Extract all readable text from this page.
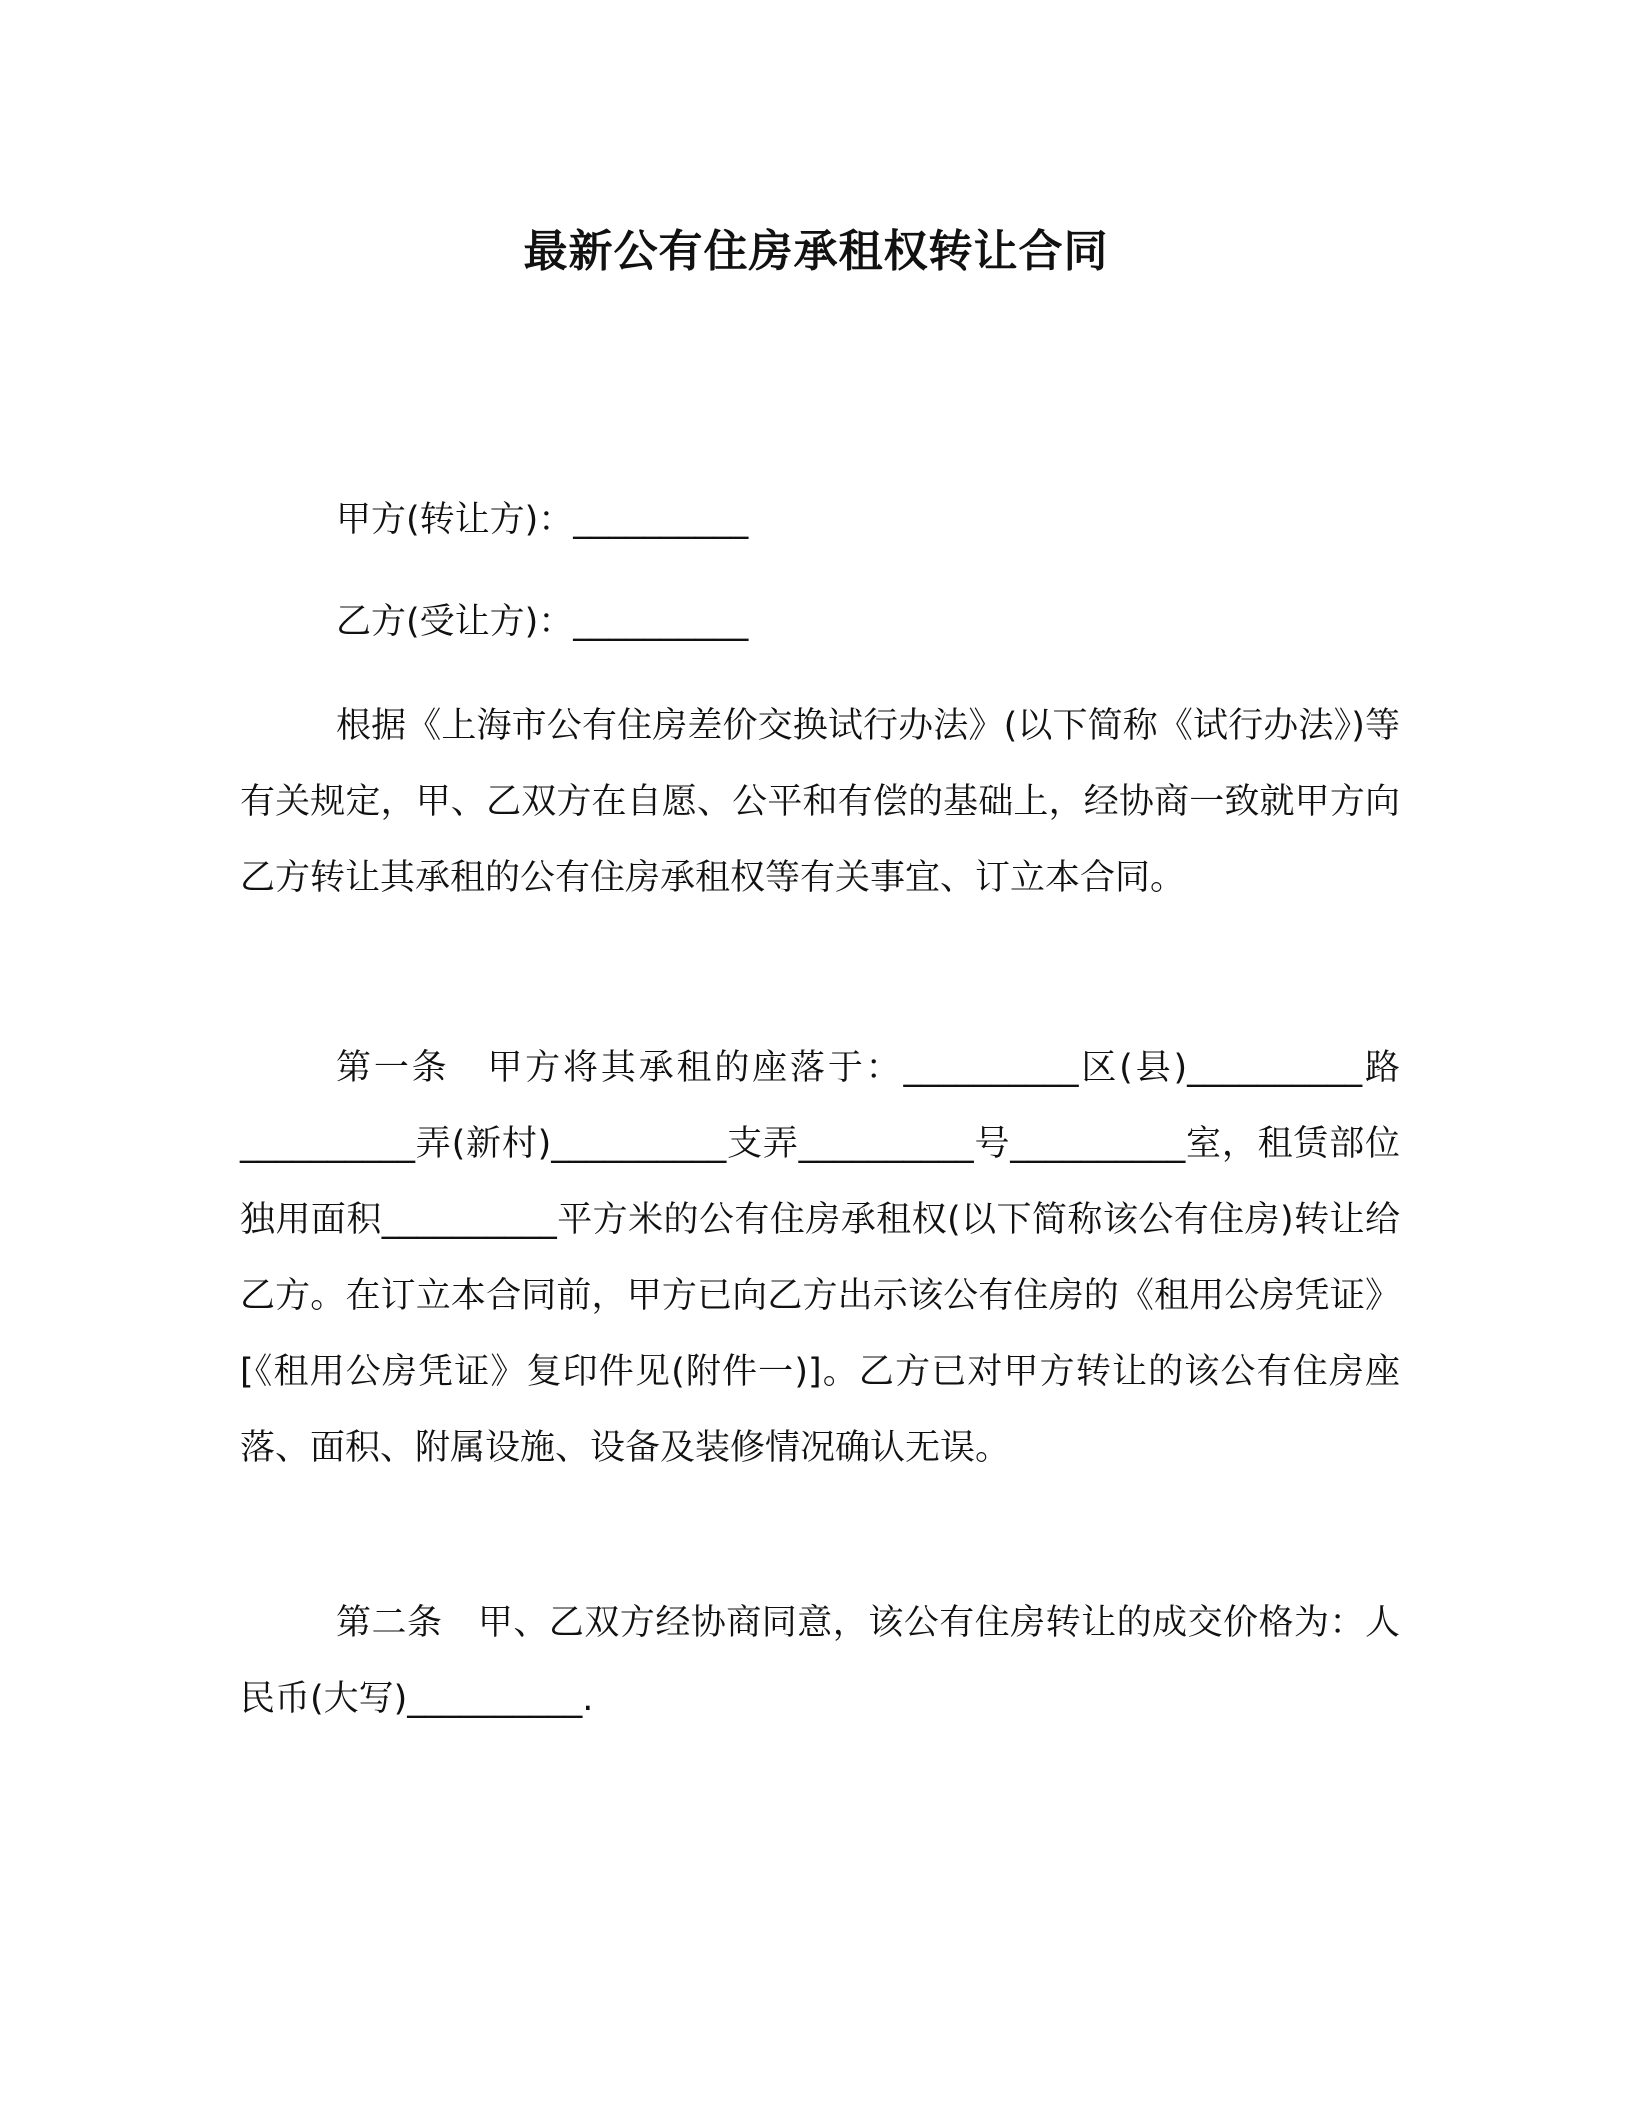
最新公有住房承租权转让合同
甲方(转让方)：__________
乙方(受让方)：__________

根据《上海市公有住房差价交换试行办法》(以下简称《试行办法》)等有关规定，甲、乙双方在自愿、公平和有偿的基础上，经协商一致就甲方向乙方转让其承租的公有住房承租权等有关事宜、订立本合同。

第一条　甲方将其承租的座落于：__________区(县)__________路__________弄(新村)__________支弄__________号__________室，租赁部位独用面积__________平方米的公有住房承租权(以下简称该公有住房)转让给乙方。在订立本合同前，甲方已向乙方出示该公有住房的《租用公房凭证》[《租用公房凭证》复印件见(附件一)]。乙方已对甲方转让的该公有住房座落、面积、附属设施、设备及装修情况确认无误。

第二条　甲、乙双方经协商同意，该公有住房转让的成交价格为：人民币(大写)__________.
